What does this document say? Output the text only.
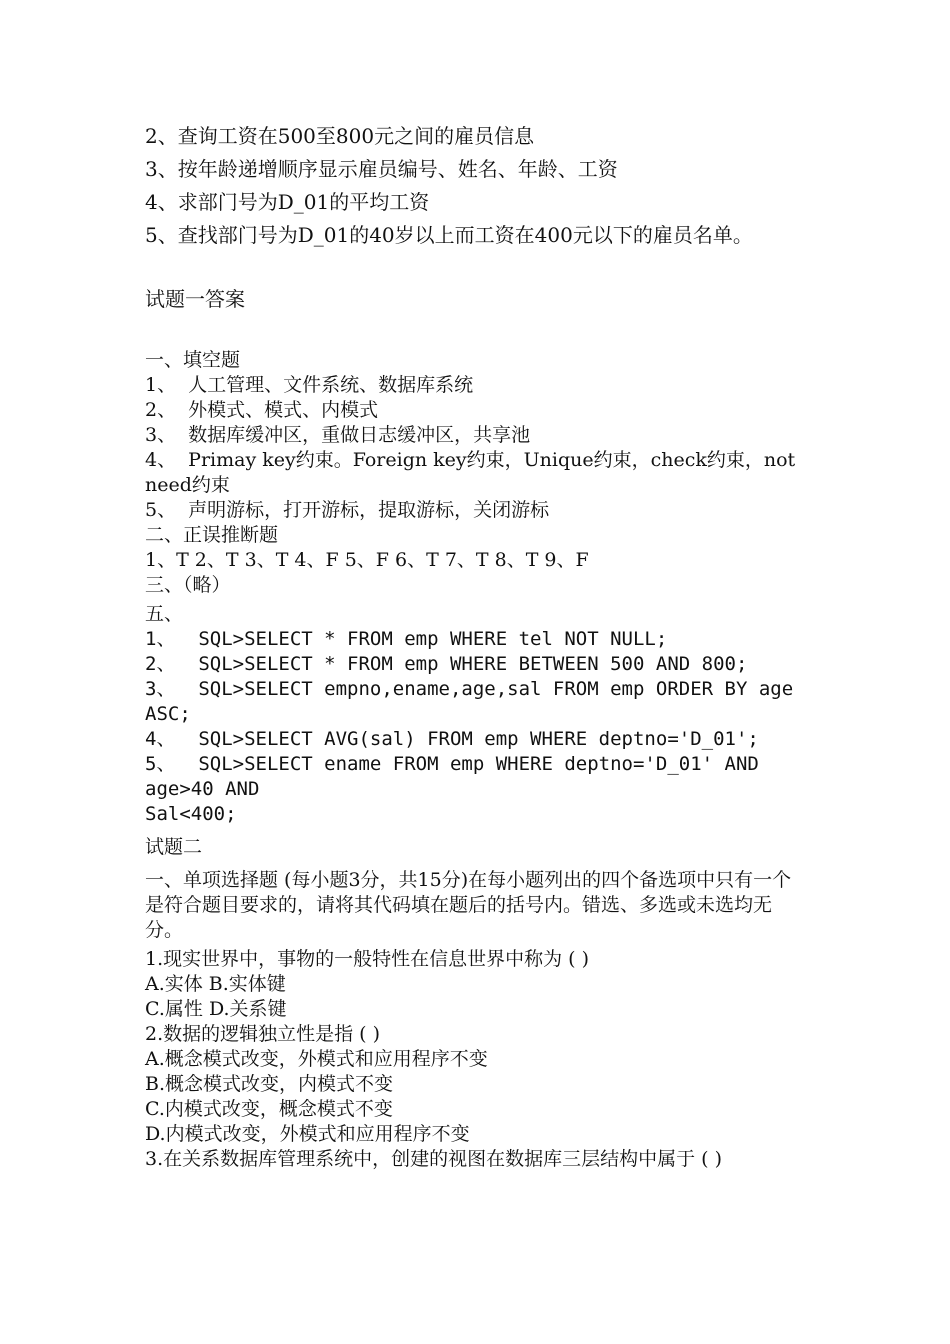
2、查询工资在500至800元之间的雇员信息
3、按年龄递增顺序显示雇员编号、姓名、年龄、工资
4、求部门号为D_01的平均工资
5、查找部门号为D_01的40岁以上而工资在400元以下的雇员名单。
试题一答案
一、填空题
1、  人工管理、文件系统、数据库系统
2、  外模式、模式、内模式
3、  数据库缓冲区，重做日志缓冲区，共享池
4、  Primay key约束。Foreign key约束，Unique约束，check约束，not need约束
5、  声明游标，打开游标，提取游标，关闭游标
二、正误推断题
1、T 2、T 3、T 4、F 5、F 6、T 7、T 8、T 9、F
三、（略）
五、
1、  SQL>SELECT * FROM emp WHERE tel NOT NULL;
2、  SQL>SELECT * FROM emp WHERE BETWEEN 500 AND 800;
3、  SQL>SELECT empno,ename,age,sal FROM emp ORDER BY age ASC;
4、  SQL>SELECT AVG(sal) FROM emp WHERE deptno='D_01';
5、  SQL>SELECT ename FROM emp WHERE deptno='D_01' AND
age>40 AND
Sal<400;
试题二
一、单项选择题 (每小题3分，共15分)在每小题列出的四个备选项中只有一个是符合题目要求的，请将其代码填在题后的括号内。错选、多选或未选均无分。
1.现实世界中，事物的一般特性在信息世界中称为 ( )
A.实体 B.实体键
C.属性 D.关系键
2.数据的逻辑独立性是指 ( )
A.概念模式改变，外模式和应用程序不变
B.概念模式改变，内模式不变
C.内模式改变，概念模式不变
D.内模式改变，外模式和应用程序不变
3.在关系数据库管理系统中，创建的视图在数据库三层结构中属于 ( )
